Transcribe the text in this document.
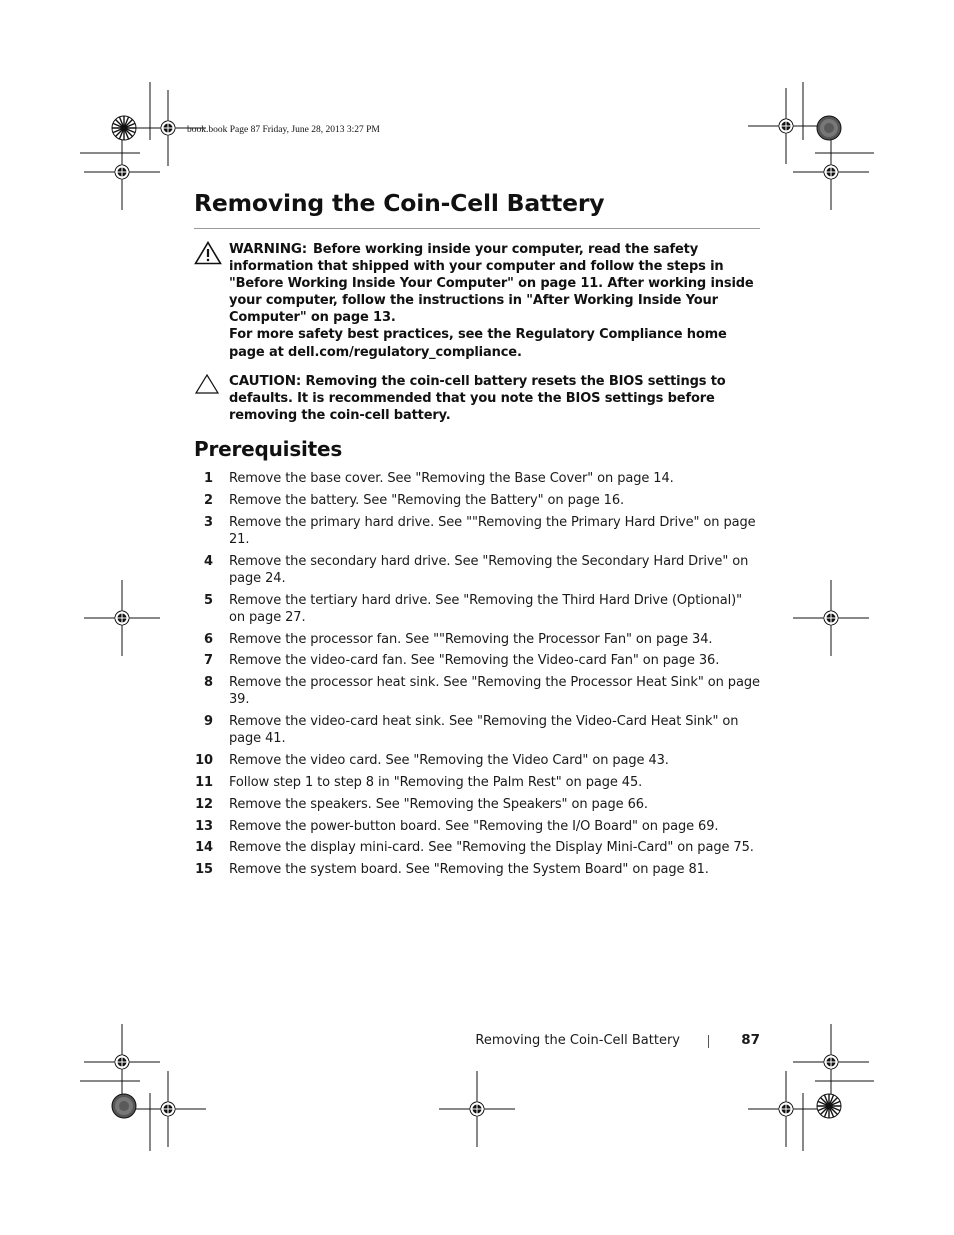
book.book Page 87 Friday, June 28, 2013 3:27 PM
Removing the Coin-Cell Battery
WARNING: Before working inside your computer, read the safety information that shipped with your computer and follow the steps in "Before Working Inside Your Computer" on page 11. After working inside your computer, follow the instructions in "After Working Inside Your Computer" on page 13.
For more safety best practices, see the Regulatory Compliance home page at dell.com/regulatory_compliance.
CAUTION: Removing the coin-cell battery resets the BIOS settings to defaults. It is recommended that you note the BIOS settings before removing the coin-cell battery.
Prerequisites
1 Remove the base cover. See "Removing the Base Cover" on page 14.
2 Remove the battery. See "Removing the Battery" on page 16.
3 Remove the primary hard drive. See ""Removing the Primary Hard Drive" on page 21.
4 Remove the secondary hard drive. See "Removing the Secondary Hard Drive" on page 24.
5 Remove the tertiary hard drive. See "Removing the Third Hard Drive (Optional)" on page 27.
6 Remove the processor fan. See ""Removing the Processor Fan" on page 34.
7 Remove the video-card fan. See "Removing the Video-card Fan" on page 36.
8 Remove the processor heat sink. See "Removing the Processor Heat Sink" on page 39.
9 Remove the video-card heat sink. See "Removing the Video-Card Heat Sink" on page 41.
10 Remove the video card. See "Removing the Video Card" on page 43.
11 Follow step 1 to step 8 in "Removing the Palm Rest" on page 45.
12 Remove the speakers. See "Removing the Speakers" on page 66.
13 Remove the power-button board. See "Removing the I/O Board" on page 69.
14 Remove the display mini-card. See "Removing the Display Mini-Card" on page 75.
15 Remove the system board. See "Removing the System Board" on page 81.
Removing the Coin-Cell Battery	87
